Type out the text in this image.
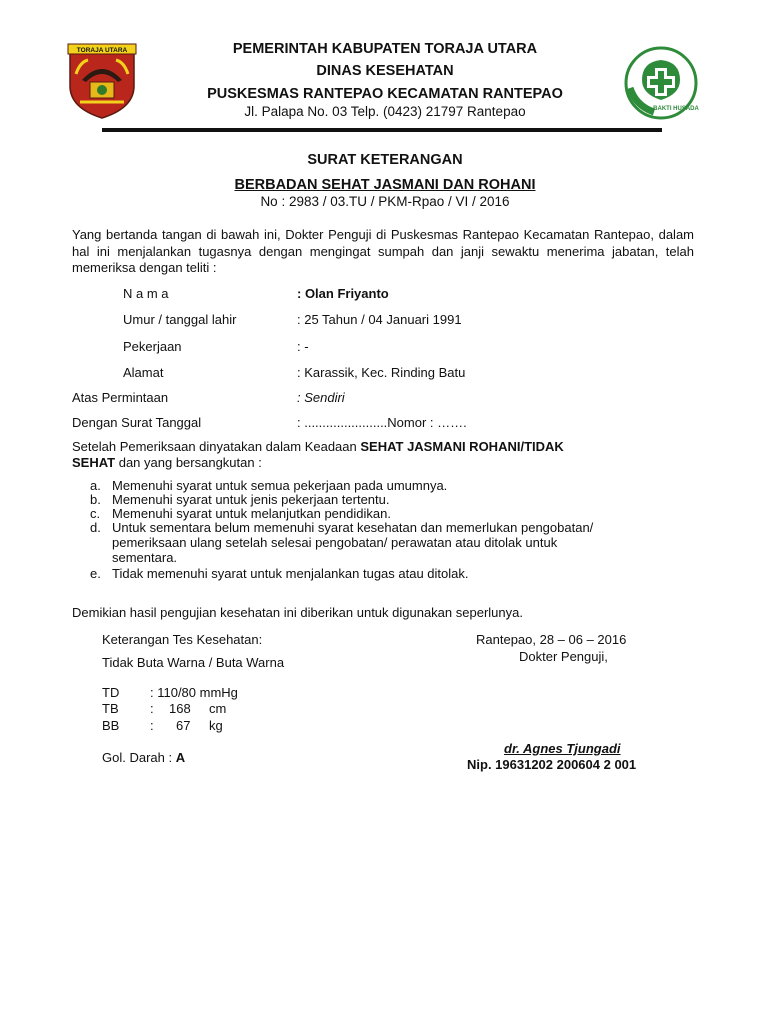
TORAJA UTARA
BAKTI HUSADA
PEMERINTAH KABUPATEN TORAJA UTARA
DINAS KESEHATAN
PUSKESMAS RANTEPAO KECAMATAN RANTEPAO
Jl. Palapa No. 03 Telp. (0423) 21797 Rantepao
SURAT KETERANGAN
BERBADAN SEHAT JASMANI DAN ROHANI
No : 2983 / 03.TU / PKM-Rpao / VI / 2016
Yang bertanda tangan di bawah ini, Dokter Penguji di Puskesmas Rantepao Kecamatan Rantepao, dalam hal ini menjalankan tugasnya dengan mengingat sumpah dan janji sewaktu menerima jabatan, telah memeriksa dengan teliti :
N a m a	: Olan Friyanto
Umur / tanggal lahir	: 25 Tahun / 04 Januari 1991
Pekerjaan	: -
Alamat	: Karassik, Kec. Rinding Batu
Atas Permintaan	: Sendiri
Dengan Surat Tanggal	: .......................Nomor : …….
Setelah Pemeriksaan dinyatakan dalam Keadaan SEHAT JASMANI ROHANI/TIDAK
SEHAT dan yang bersangkutan :
a. Memenuhi syarat untuk semua pekerjaan pada umumnya.
b. Memenuhi syarat untuk jenis pekerjaan tertentu.
c. Memenuhi syarat untuk melanjutkan pendidikan.
d. Untuk sementara belum memenuhi syarat kesehatan dan memerlukan pengobatan/
pemeriksaan ulang setelah selesai pengobatan/ perawatan atau ditolak untuk
sementara.
e. Tidak memenuhi syarat untuk menjalankan tugas atau ditolak.
Demikian hasil pengujian kesehatan ini diberikan untuk digunakan seperlunya.
Keterangan Tes Kesehatan:
Tidak Buta Warna / Buta Warna
TD : 110/80 mmHg
TB : 168 cm
BB : 67 kg
Gol. Darah : A
Rantepao, 28 – 06 – 2016
Dokter Penguji,
dr. Agnes Tjungadi
Nip. 19631202 200604 2 001
